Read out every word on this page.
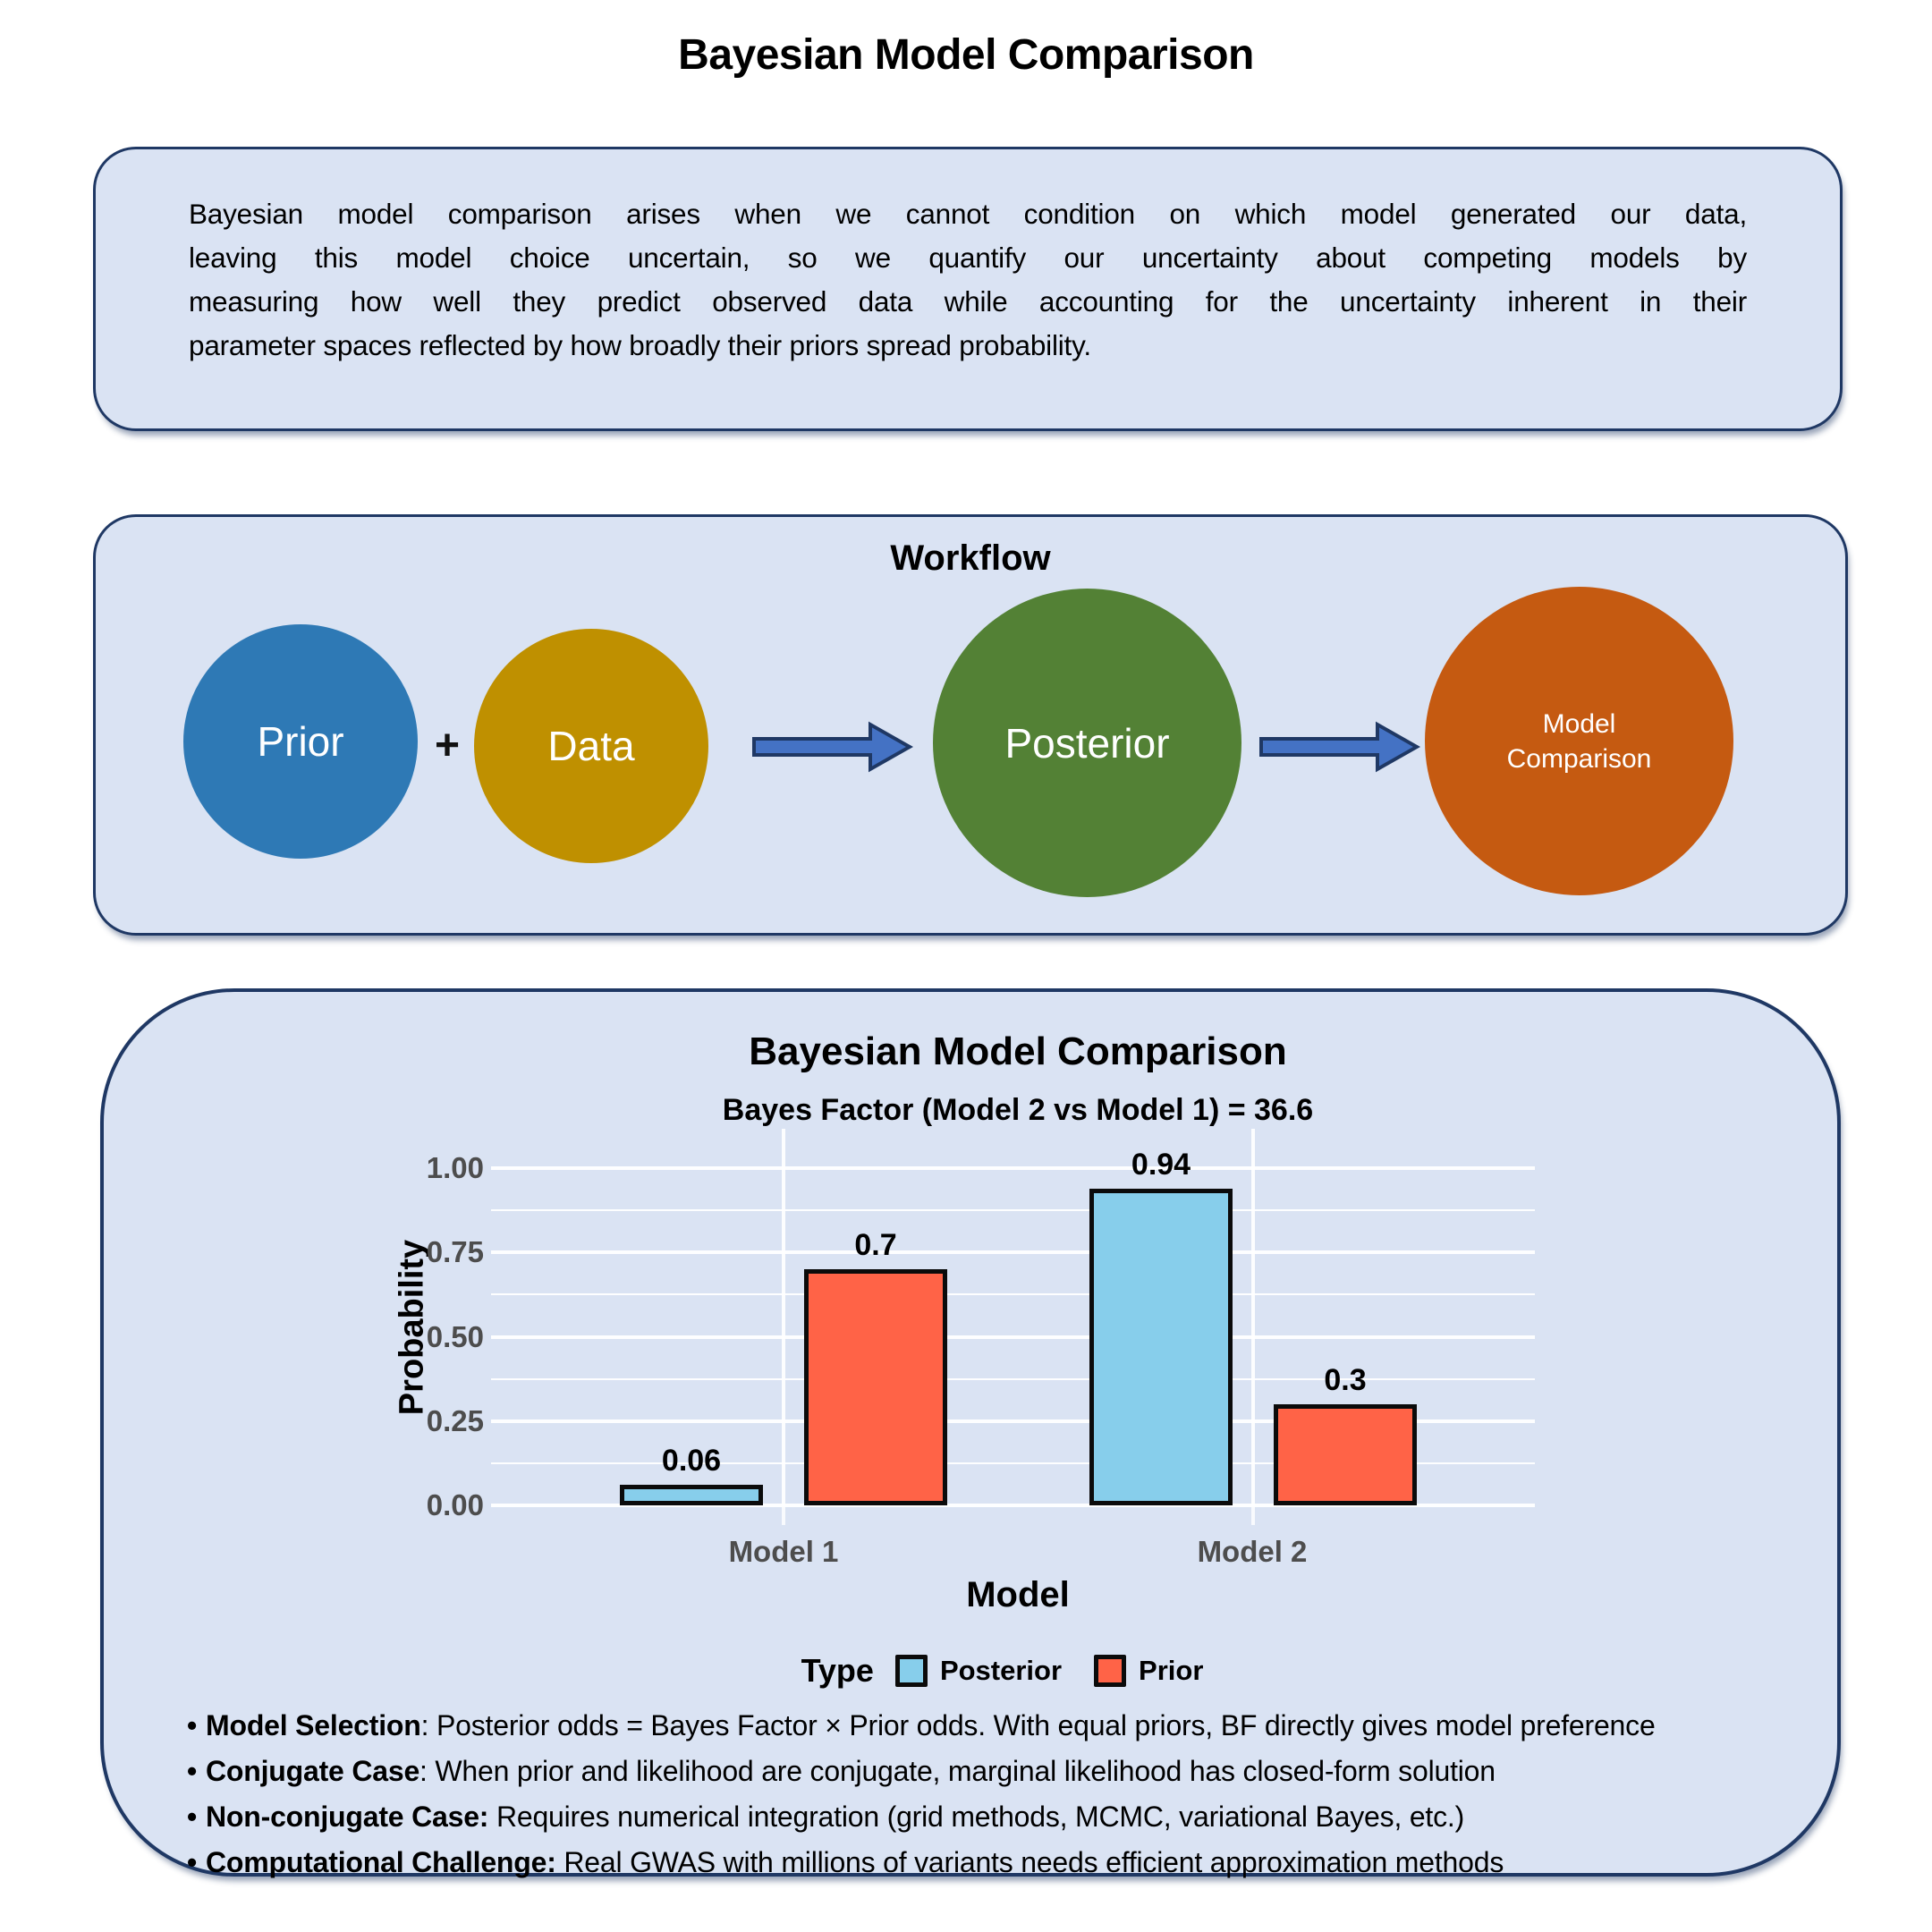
Bayesian Model Comparison
Bayesian model comparison arises when we cannot condition on which model generated our data,
leaving this model choice uncertain, so we quantify our uncertainty about competing models by
measuring how well they predict observed data while accounting for the uncertainty inherent in their
parameter spaces reflected by how broadly their priors spread probability.
Workflow
Prior	+	Data	Posterior	Model Comparison
Bayesian Model Comparison
Bayes Factor (Model 2 vs Model 1) = 36.6
Probability
1.00
0.75
0.50
0.25
0.00
0.06
0.94
0.7
0.3
Model 1	Model 2
Model
Type Posterior	Prior
• Model Selection: Posterior odds = Bayes Factor × Prior odds. With equal priors, BF directly gives model preference
• Conjugate Case: When prior and likelihood are conjugate, marginal likelihood has closed-form solution
• Non-conjugate Case: Requires numerical integration (grid methods, MCMC, variational Bayes, etc.)
• Computational Challenge: Real GWAS with millions of variants needs efficient approximation methods
